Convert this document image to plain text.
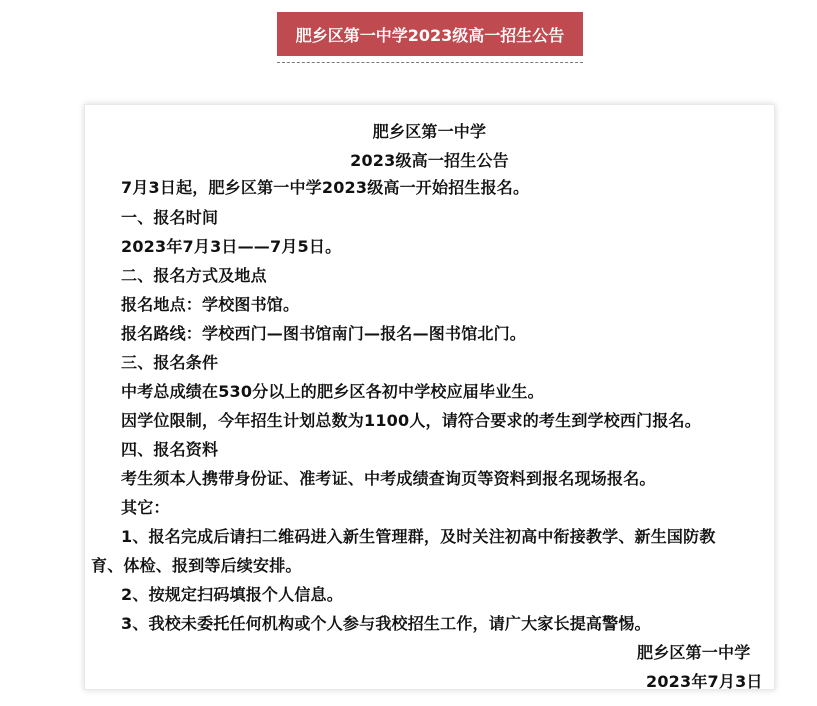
肥乡区第一中学2023级高一招生公告
肥乡区第一中学
2023级高一招生公告
7月3日起，肥乡区第一中学2023级高一开始招生报名。
一、报名时间
2023年7月3日——7月5日。
二、报名方式及地点
报名地点：学校图书馆。
报名路线：学校西门—图书馆南门—报名—图书馆北门。
三、报名条件
中考总成绩在530分以上的肥乡区各初中学校应届毕业生。
因学位限制，今年招生计划总数为1100人，请符合要求的考生到学校西门报名。
四、报名资料
考生须本人携带身份证、准考证、中考成绩查询页等资料到报名现场报名。
其它：
1、报名完成后请扫二维码进入新生管理群，及时关注初高中衔接教学、新生国防教
育、体检、报到等后续安排。
2、按规定扫码填报个人信息。
3、我校未委托任何机构或个人参与我校招生工作，请广大家长提高警惕。
肥乡区第一中学
2023年7月3日
